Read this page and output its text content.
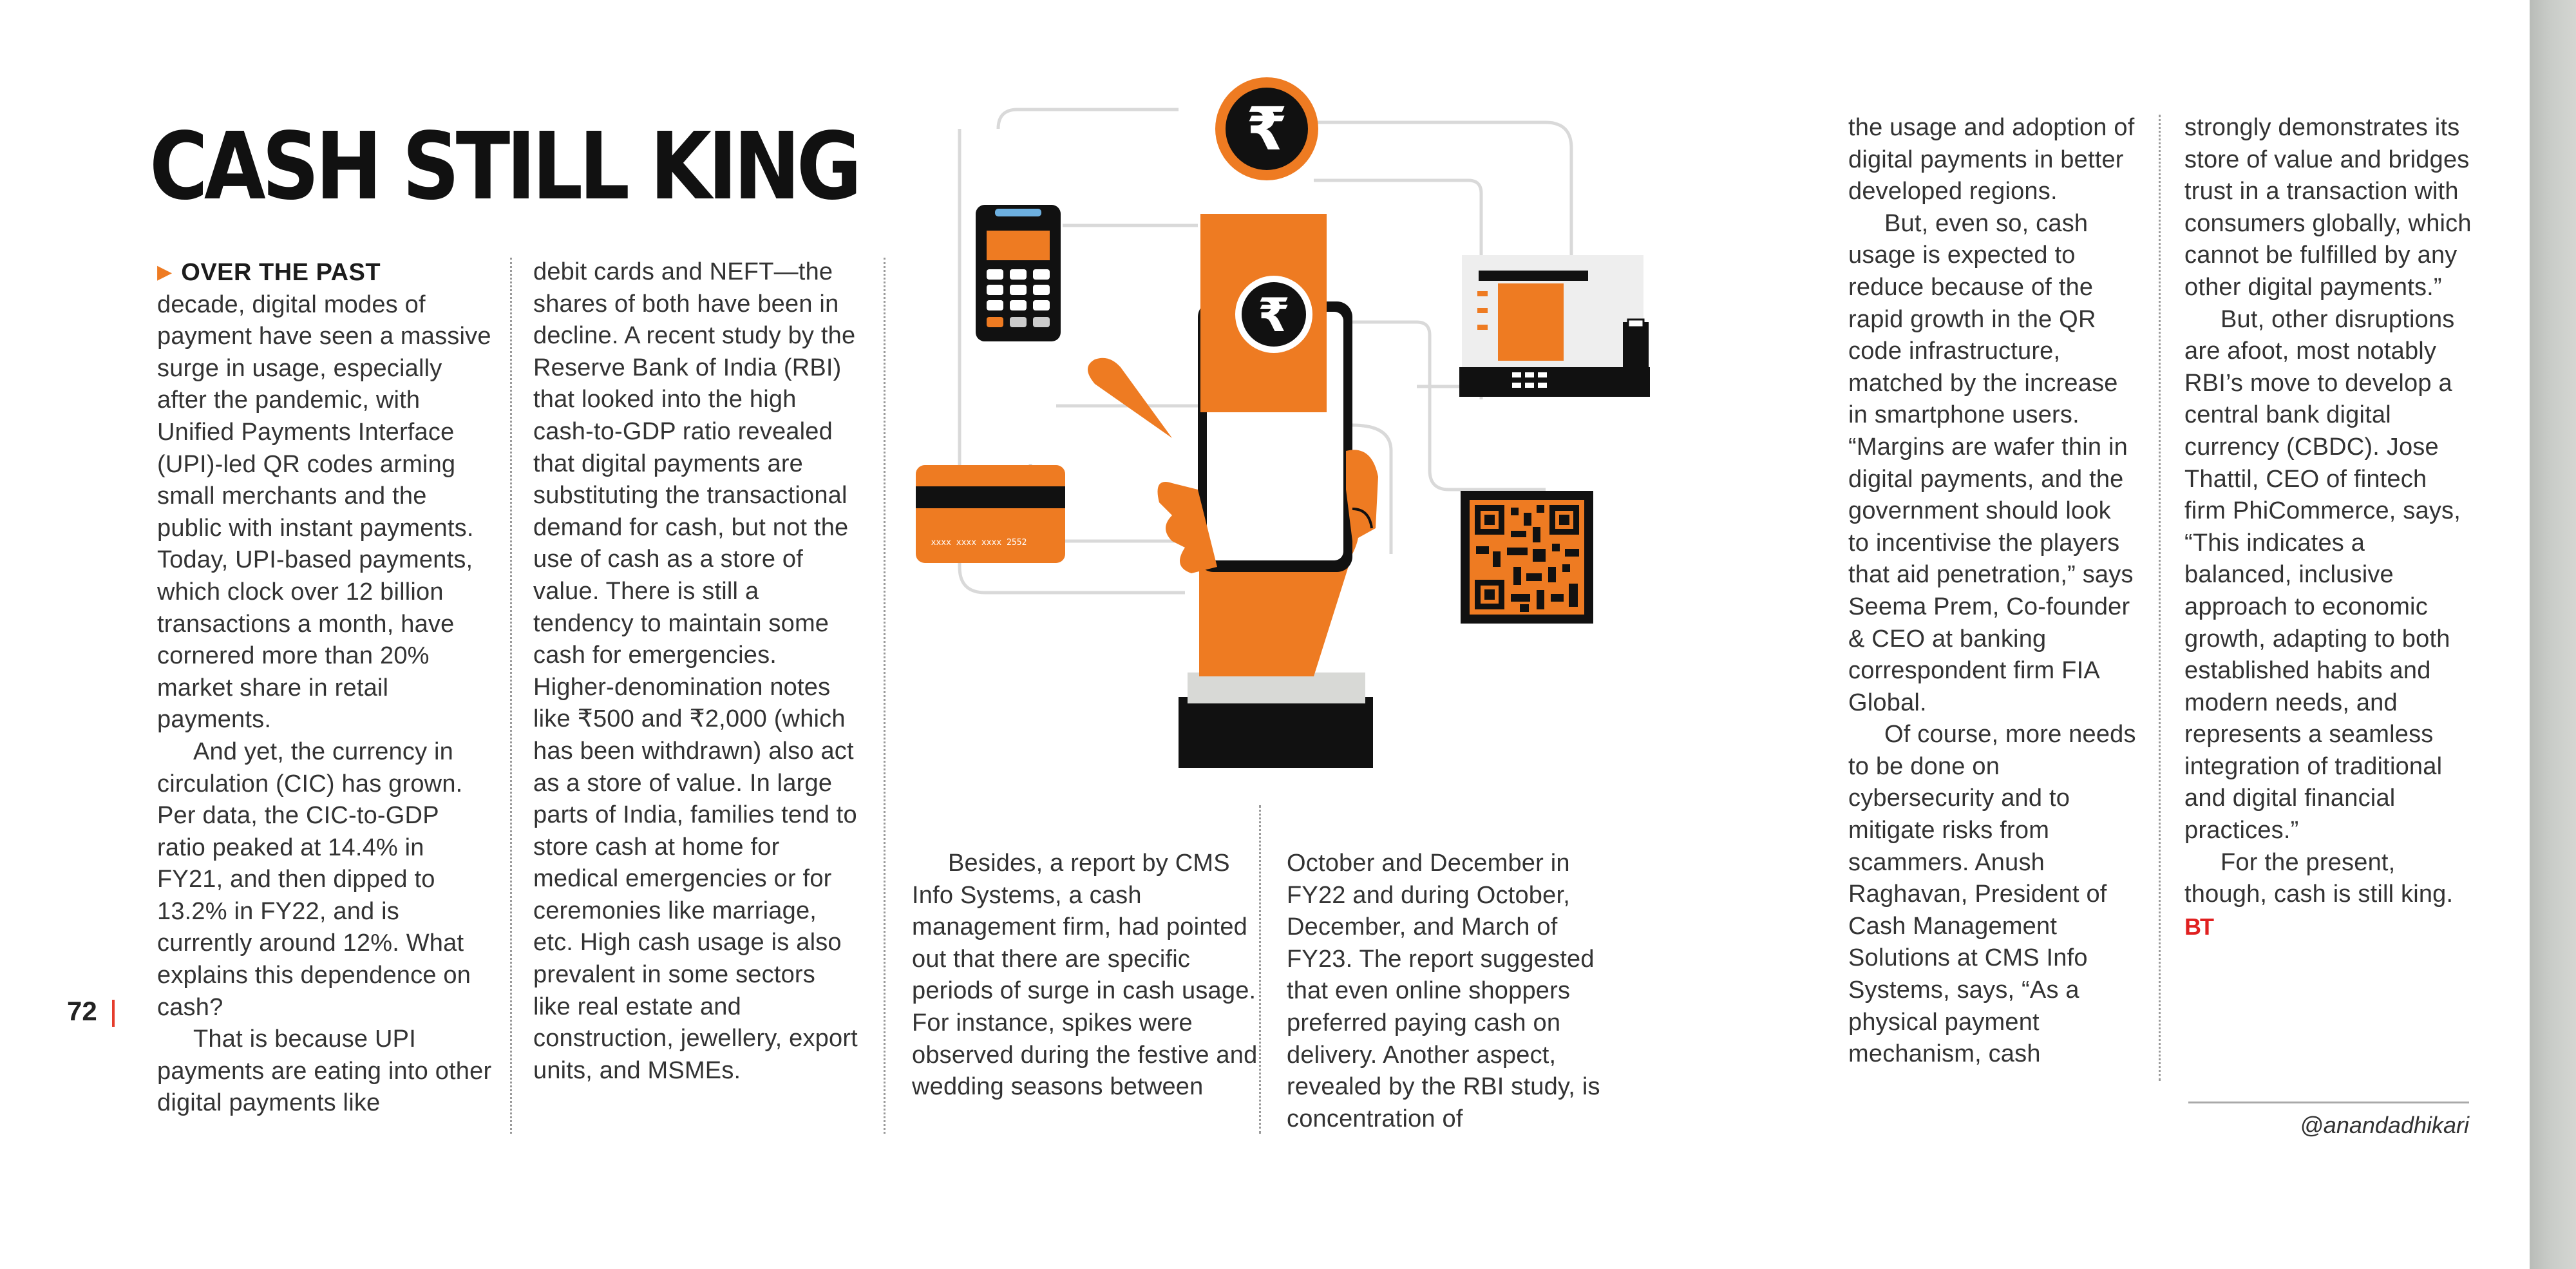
CASH STILL KING

▶ OVER THE PAST
decade, digital modes of payment have seen a massive surge in usage, especially after the pandemic, with Unified Payments Interface (UPI)-led QR codes arming small merchants and the public with instant payments. Today, UPI-based payments, which clock over 12 billion transactions a month, have cornered more than 20% market share in retail payments.

And yet, the currency in circulation (CIC) has grown. Per data, the CIC-to-GDP ratio peaked at 14.4% in FY21, and then dipped to 13.2% in FY22, and is currently around 12%. What explains this dependence on cash?

That is because UPI payments are eating into other digital payments like

debit cards and NEFT—the shares of both have been in decline. A recent study by the Reserve Bank of India (RBI) that looked into the high cash-to-GDP ratio revealed that digital payments are substituting the transactional demand for cash, but not the use of cash as a store of value. There is still a tendency to maintain some cash for emergencies. Higher-denomination notes like ₹500 and ₹2,000 (which has been withdrawn) also act as a store of value. In large parts of India, families tend to store cash at home for medical emergencies or for ceremonies like marriage, etc. High cash usage is also prevalent in some sectors like real estate and construction, jewellery, export units, and MSMEs.

₹
xxxx xxxx xxxx 2552
₹

Besides, a report by CMS Info Systems, a cash management firm, had pointed out that there are specific periods of surge in cash usage. For instance, spikes were observed during the festive and wedding seasons between

October and December in FY22 and during October, December, and March of FY23. The report suggested that even online shoppers preferred paying cash on delivery. Another aspect, revealed by the RBI study, is concentration of

the usage and adoption of digital payments in better developed regions.

But, even so, cash usage is expected to reduce because of the rapid growth in the QR code infrastructure, matched by the increase in smartphone users. “Margins are wafer thin in digital payments, and the government should look to incentivise the players that aid penetration,” says Seema Prem, Co-founder & CEO at banking correspondent firm FIA Global.

Of course, more needs to be done on cybersecurity and to mitigate risks from scammers. Anush Raghavan, President of Cash Management Solutions at CMS Info Systems, says, “As a physical payment mechanism, cash

strongly demonstrates its store of value and bridges trust in a transaction with consumers globally, which cannot be fulfilled by any other digital payments.”

But, other disruptions are afoot, most notably RBI’s move to develop a central bank digital currency (CBDC). Jose Thattil, CEO of fintech firm PhiCommerce, says, “This indicates a balanced, inclusive approach to economic growth, adapting to both established habits and modern needs, and represents a seamless integration of traditional and digital financial practices.”

For the present, though, cash is still king. BT

@anandadhikari
72
